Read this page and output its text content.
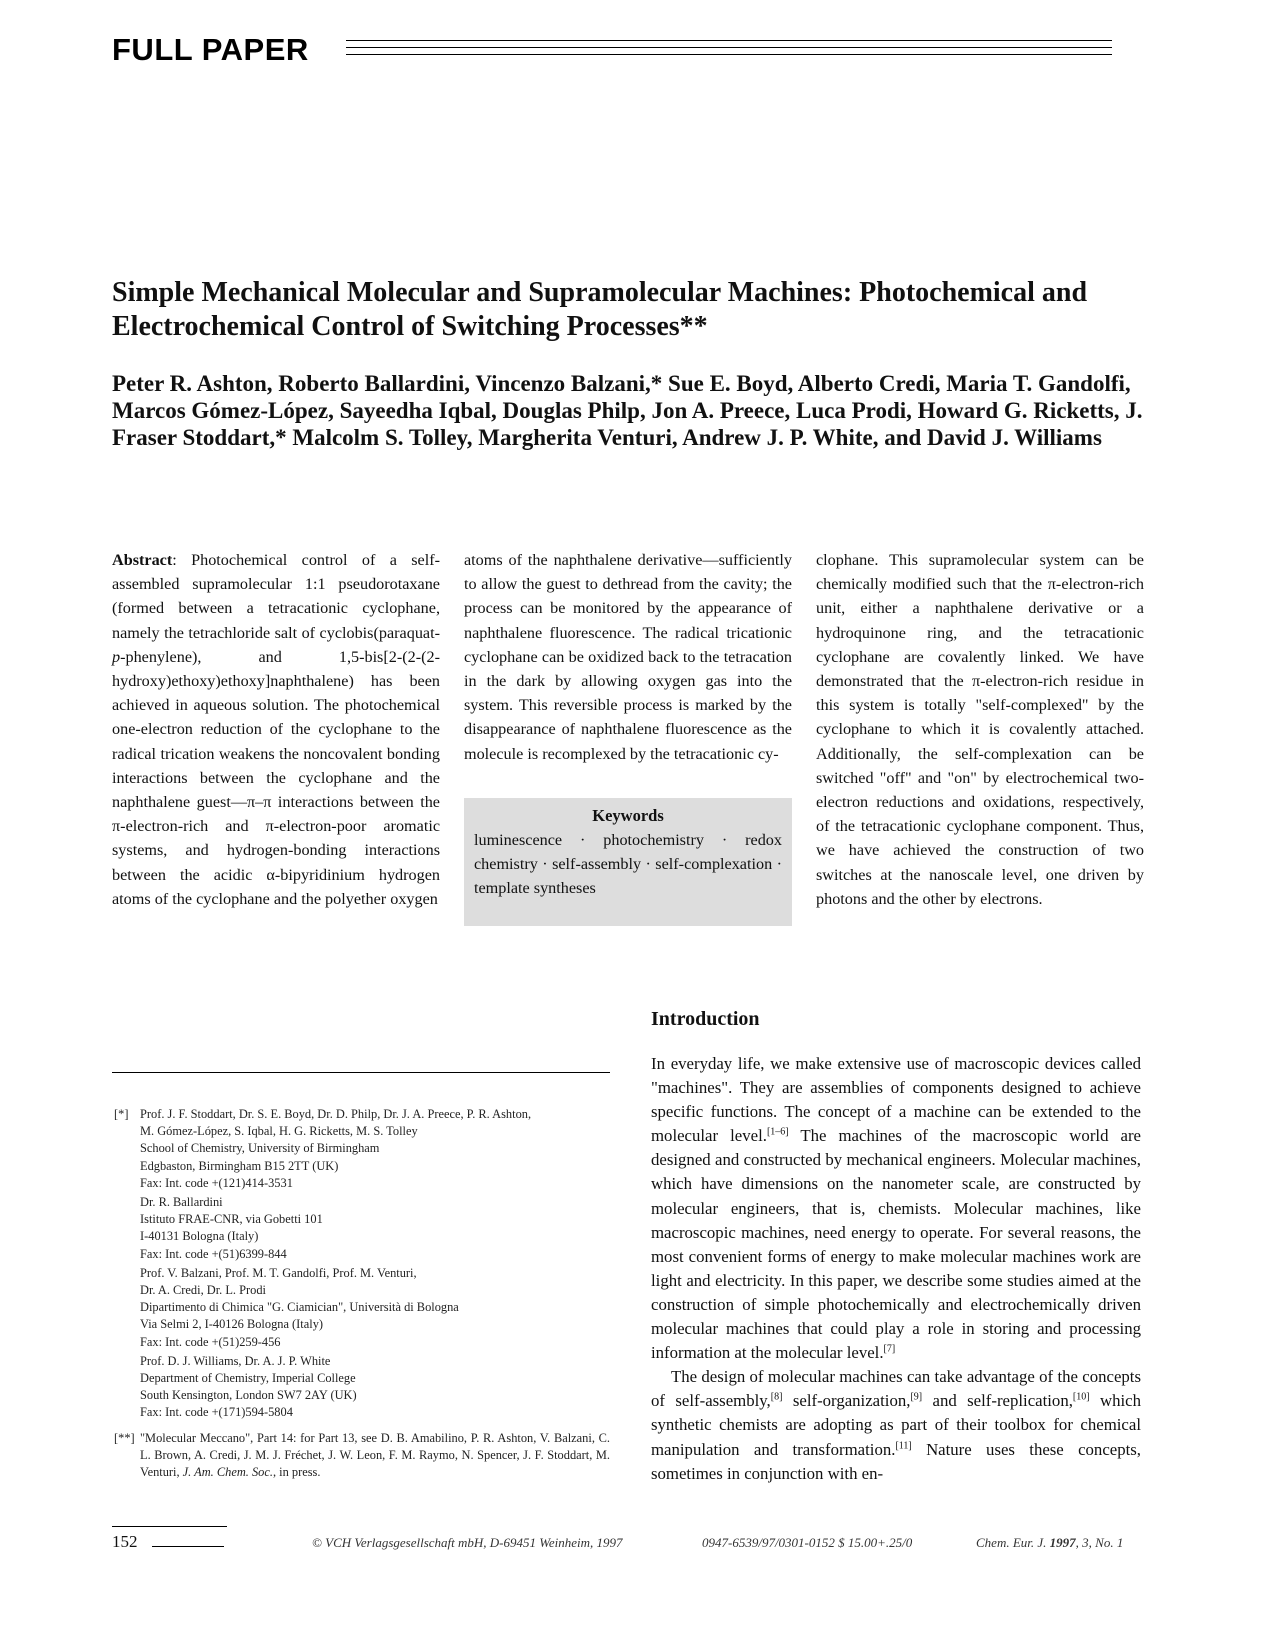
FULL PAPER
Simple Mechanical Molecular and Supramolecular Machines: Photochemical and Electrochemical Control of Switching Processes**

Peter R. Ashton, Roberto Ballardini, Vincenzo Balzani,* Sue E. Boyd, Alberto Credi, Maria T. Gandolfi, Marcos Gómez-López, Sayeedha Iqbal, Douglas Philp, Jon A. Preece, Luca Prodi, Howard G. Ricketts, J. Fraser Stoddart,* Malcolm S. Tolley, Margherita Venturi, Andrew J. P. White, and David J. Williams

Abstract: Photochemical control of a self-assembled supramolecular 1:1 pseudorotaxane (formed between a tetracationic cyclophane, namely the tetrachloride salt of cyclobis(paraquat-p-phenylene), and 1,5-bis[2-(2-(2-hydroxy)ethoxy)ethoxy]naphthalene) has been achieved in aqueous solution. The photochemical one-electron reduction of the cyclophane to the radical trication weakens the noncovalent bonding interactions between the cyclophane and the naphthalene guest—π–π interactions between the π-electron-rich and π-electron-poor aromatic systems, and hydrogen-bonding interactions between the acidic α-bipyridinium hydrogen atoms of the cyclophane and the polyether oxygen

atoms of the naphthalene derivative—sufficiently to allow the guest to dethread from the cavity; the process can be monitored by the appearance of naphthalene fluorescence. The radical tricationic cyclophane can be oxidized back to the tetracation in the dark by allowing oxygen gas into the system. This reversible process is marked by the disappearance of naphthalene fluorescence as the molecule is recomplexed by the tetracationic cy-

Keywords
luminescence · photochemistry · redox chemistry · self-assembly · self-complexation · template syntheses

clophane. This supramolecular system can be chemically modified such that the π-electron-rich unit, either a naphthalene derivative or a hydroquinone ring, and the tetracationic cyclophane are covalently linked. We have demonstrated that the π-electron-rich residue in this system is totally "self-complexed" by the cyclophane to which it is covalently attached. Additionally, the self-complexation can be switched "off" and "on" by electrochemical two-electron reductions and oxidations, respectively, of the tetracationic cyclophane component. Thus, we have achieved the construction of two switches at the nanoscale level, one driven by photons and the other by electrons.

Introduction

In everyday life, we make extensive use of macroscopic devices called "machines". They are assemblies of components designed to achieve specific functions. The concept of a machine can be extended to the molecular level.[1–6] The machines of the macroscopic world are designed and constructed by mechanical engineers. Molecular machines, which have dimensions on the nanometer scale, are constructed by molecular engineers, that is, chemists. Molecular machines, like macroscopic machines, need energy to operate. For several reasons, the most convenient forms of energy to make molecular machines work are light and electricity. In this paper, we describe some studies aimed at the construction of simple photochemically and electrochemically driven molecular machines that could play a role in storing and processing information at the molecular level.[7]

The design of molecular machines can take advantage of the concepts of self-assembly,[8] self-organization,[9] and self-replication,[10] which synthetic chemists are adopting as part of their toolbox for chemical manipulation and transformation.[11] Nature uses these concepts, sometimes in conjunction with en-

[*] Prof. J. F. Stoddart, Dr. S. E. Boyd, Dr. D. Philp, Dr. J. A. Preece, P. R. Ashton,
M. Gómez-López, S. Iqbal, H. G. Ricketts, M. S. Tolley
School of Chemistry, University of Birmingham
Edgbaston, Birmingham B15 2TT (UK)
Fax: Int. code +(121)414-3531
Dr. R. Ballardini
Istituto FRAE-CNR, via Gobetti 101
I-40131 Bologna (Italy)
Fax: Int. code +(51)6399-844
Prof. V. Balzani, Prof. M. T. Gandolfi, Prof. M. Venturi,
Dr. A. Credi, Dr. L. Prodi
Dipartimento di Chimica "G. Ciamician", Università di Bologna
Via Selmi 2, I-40126 Bologna (Italy)
Fax: Int. code +(51)259-456
Prof. D. J. Williams, Dr. A. J. P. White
Department of Chemistry, Imperial College
South Kensington, London SW7 2AY (UK)
Fax: Int. code +(171)594-5804
[**] "Molecular Meccano", Part 14: for Part 13, see D. B. Amabilino, P. R. Ashton, V. Balzani, C. L. Brown, A. Credi, J. M. J. Fréchet, J. W. Leon, F. M. Raymo, N. Spencer, J. F. Stoddart, M. Venturi, J. Am. Chem. Soc., in press.
152	© VCH Verlagsgesellschaft mbH, D-69451 Weinheim, 1997	0947-6539/97/0301-0152 $ 15.00+.25/0	Chem. Eur. J. 1997, 3, No. 1
